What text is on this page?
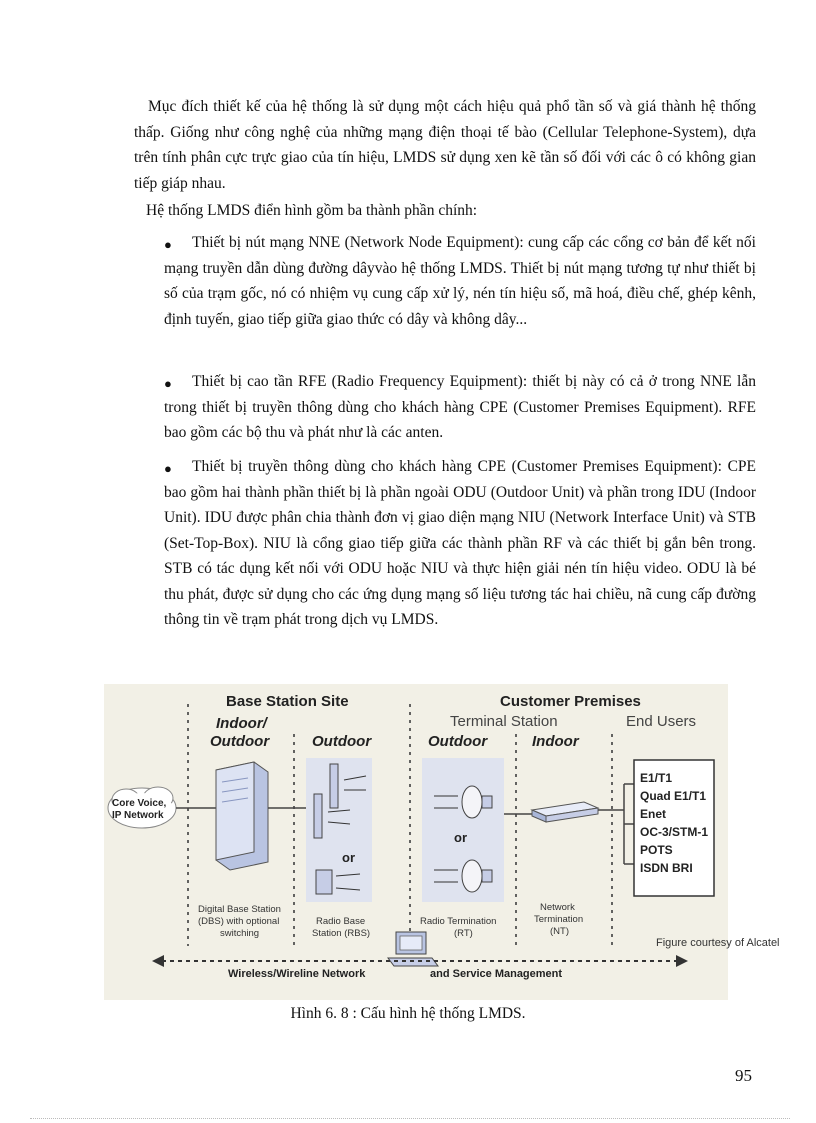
Mục đích thiết kế của hệ thống là sử dụng một cách hiệu quả phổ tần số và giá thành hệ thống thấp. Giống như công nghệ của những mạng điện thoại tế bào (Cellular Telephone-System), dựa trên tính phân cực trực giao của tín hiệu, LMDS sử dụng xen kẽ tần số đối với các ô có không gian tiếp giáp nhau.
Hệ thống LMDS điển hình gồm ba thành phần chính:
●	Thiết bị nút mạng NNE (Network Node Equipment): cung cấp các cổng cơ bản để kết nối mạng truyền dẫn dùng đường dâyvào hệ thống LMDS. Thiết bị nút mạng tương tự như thiết bị số của trạm gốc, nó có nhiệm vụ cung cấp xử lý, nén tín hiệu số, mã hoá, điều chế, ghép kênh, định tuyến, giao tiếp giữa giao thức có dây và không dây...
●	Thiết bị cao tần RFE (Radio Frequency Equipment): thiết bị này có cả ở trong NNE lẫn trong thiết bị truyền thông dùng cho khách hàng CPE (Customer Premises Equipment). RFE bao gồm các bộ thu và phát như là các anten.
●	Thiết bị truyền thông dùng cho khách hàng CPE (Customer Premises Equipment): CPE bao gồm hai thành phần thiết bị là phần ngoài ODU (Outdoor Unit) và phần trong IDU (Indoor Unit). IDU được phân chia thành đơn vị giao diện mạng NIU (Network Interface Unit) và STB (Set-Top-Box). NIU là cổng giao tiếp giữa các thành phần RF và các thiết bị gắn bên trong. STB có tác dụng kết nối với ODU hoặc NIU và thực hiện giải nén tín hiệu video. ODU là bé thu phát, được sử dụng cho các ứng dụng mạng số liệu tương tác hai chiều, nã cung cấp đường thông tin về trạm phát trong dịch vụ LMDS.
Base Station Site	Customer Premises
Terminal Station	End Users
Indoor/
Outdoor	Outdoor	Outdoor	Indoor
Core Voice,
IP Network
or
or
E1/T1
Quad E1/T1
Enet
OC-3/STM-1
POTS
ISDN BRI
Digital Base Station
(DBS) with optional
switching
Radio Base
Station (RBS)
Radio Termination
(RT)
Network
Termination
(NT)
Figure courtesy of Alcatel
Wireless/Wireline Network	and Service Management
Hình 6. 8 : Cấu hình hệ thống LMDS.
95
